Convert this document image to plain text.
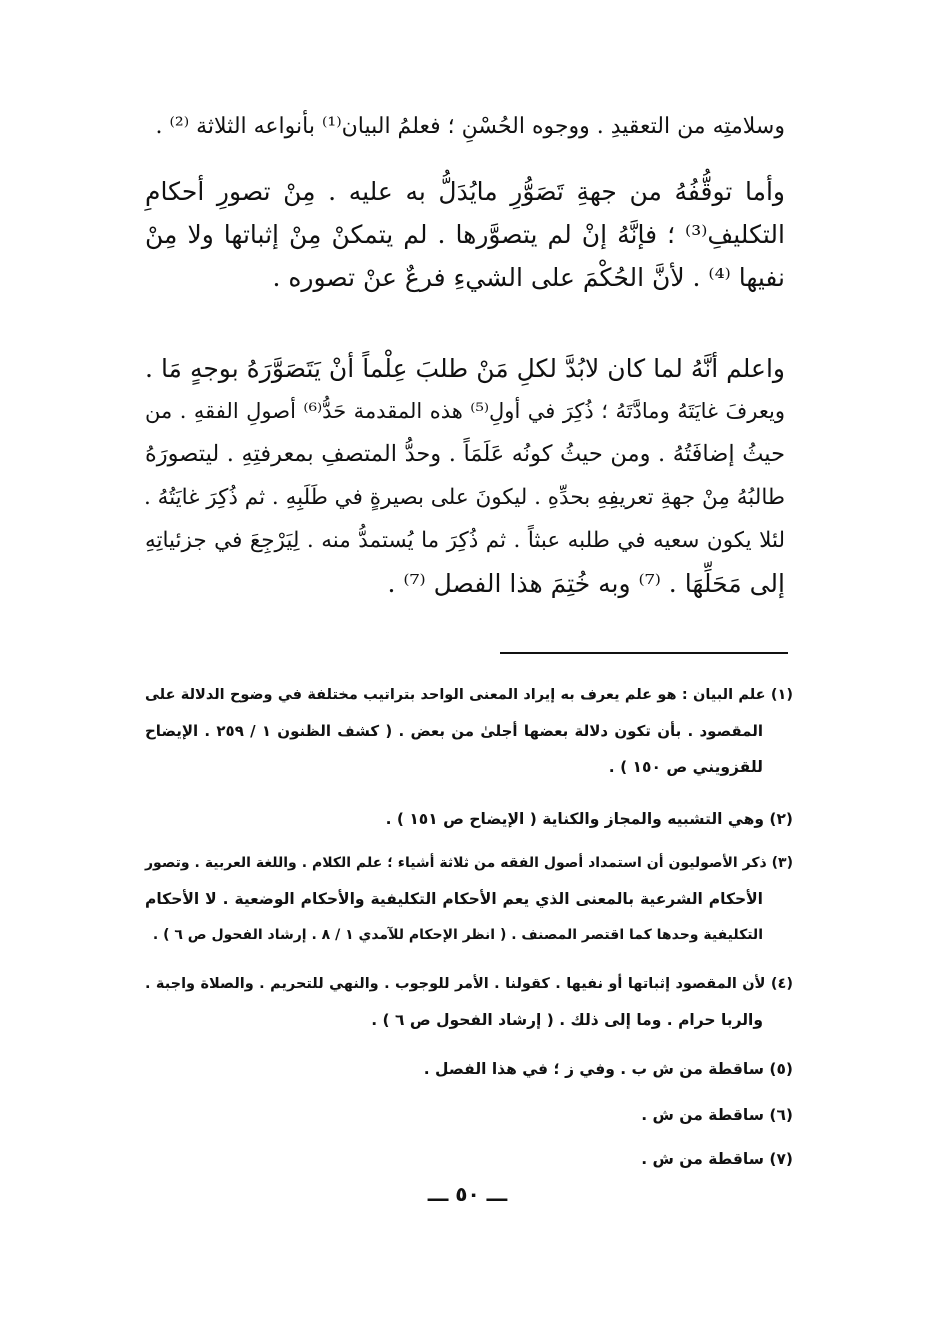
وسلامتِه من التعقيدِ . ووجوه الحُسْنِ ؛ فعلمُ البيان⁽¹⁾ بأنواعه الثلاثة ⁽²⁾ .
وأما توقُّفُهُ من جهةِ تَصَوُّرِ مايُدَلُّ به عليه . مِنْ تصورِ أحكامِ
التكليفِ⁽³⁾ ؛ فإنَّهُ إنْ لم يتصوَّرها . لم يتمكنْ مِنْ إثباتها ولا مِنْ
نفيها ⁽⁴⁾ . لأنَّ الحُكْمَ على الشيءِ فرعٌ عنْ تصوره .
واعلم أنَّهُ لما كان لابُدَّ لكلِ مَنْ طلبَ عِلْماً أنْ يَتَصَوَّرَهُ بوجهٍ مَا .
ويعرفَ غايَتَهُ ومادَّتَهُ ؛ ذُكِرَ في أولِ⁽⁵⁾ هذه المقدمة حَدُّ⁽⁶⁾ أصولِ الفقهِ . من
حيثُ إضافَتُهُ . ومن حيثُ كونُه عَلَمَاً . وحدُّ المتصفِ بمعرفتِهِ . ليتصورَهُ
طالبُهُ مِنْ جهةِ تعريفِهِ بحدِّهِ . ليكونَ على بصيرةٍ في طَلَبِهِ . ثم ذُكِرَ غايَتُهُ .
لئلا يكون سعيه في طلبه عبثاً . ثم ذُكِرَ ما يُستمدُّ منه . لِيَرْجِعَ في جزئياتِهِ
إلى مَحَلِّهَا . ⁽⁷⁾ وبه خُتِمَ هذا الفصل ⁽⁷⁾ .
(١) علم البيان : هو علم يعرف به إيراد المعنى الواحد بتراتيب مختلفة في وضوح الدلالة على
المقصود . بأن تكون دلالة بعضها أجلىٰ من بعض . ( كشف الظنون ١ / ٢٥٩ . الإيضاح
للقزويني ص ١٥٠ ) .
(٢) وهي التشبيه والمجاز والكناية ( الإيضاح ص ١٥١ ) .
(٣) ذكر الأصوليون أن استمداد أصول الفقه من ثلاثة أشياء ؛ علم الكلام . واللغة العربية . وتصور
الأحكام الشرعية بالمعنى الذي يعم الأحكام التكليفية والأحكام الوضعية . لا الأحكام
التكليفية وحدها كما اقتصر المصنف . ( انظر الإحكام للآمدي ١ / ٨ . إرشاد الفحول ص ٦ ) .
(٤) لأن المقصود إثباتها أو نفيها . كقولنا . الأمر للوجوب . والنهي للتحريم . والصلاة واجبة .
والربا حرام . وما إلى ذلك . ( إرشاد الفحول ص ٦ ) .
(٥) ساقطة من ش ب . وفي ز ؛ في هذا الفصل .
(٦) ساقطة من ش .
(٧) ساقطة من ش .
ـــ ٥٠ ـــ
